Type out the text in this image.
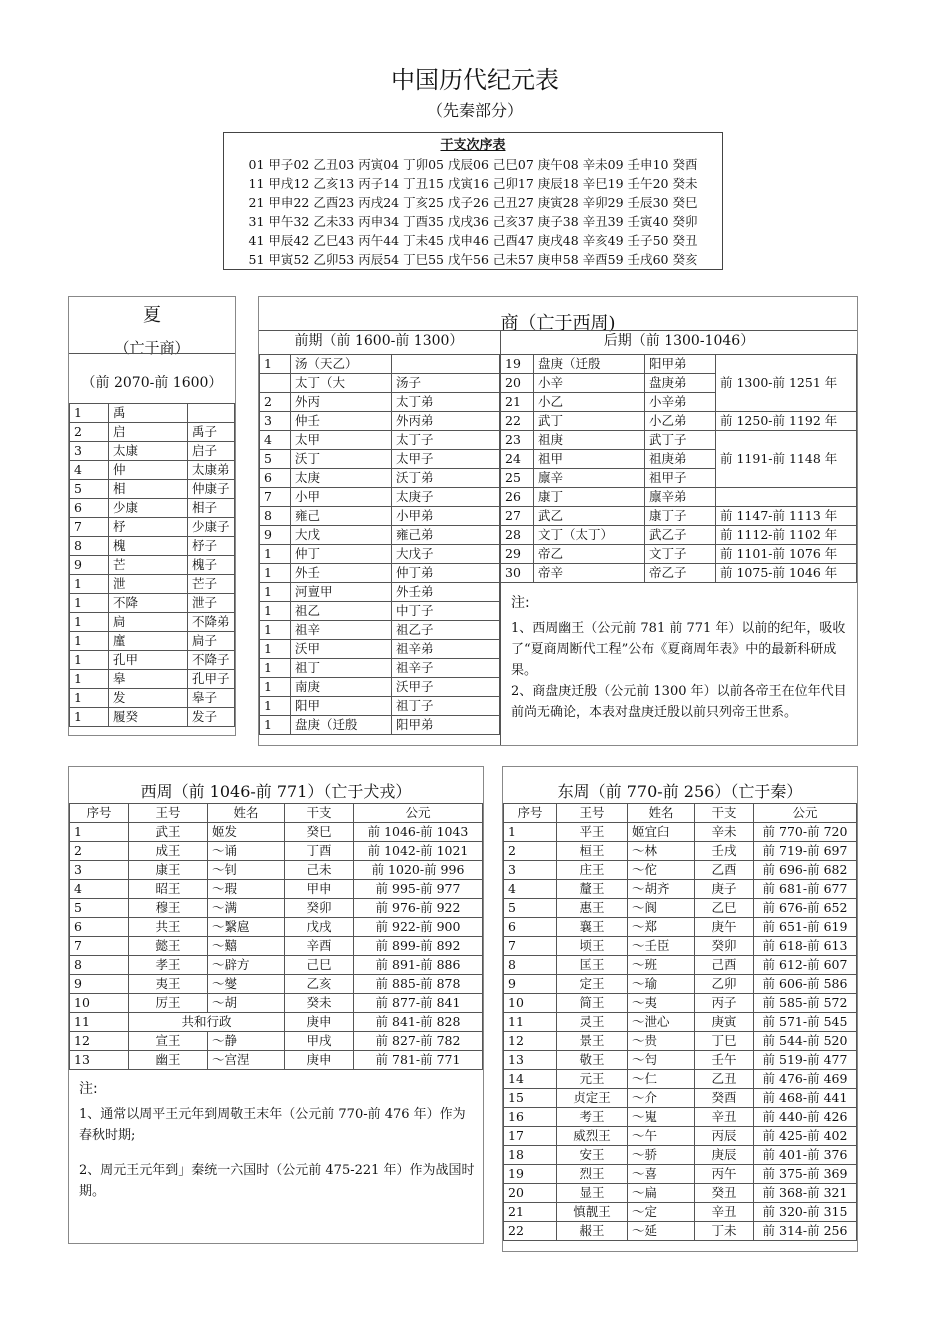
中国历代纪元表
（先秦部分）
干支次序表
01 甲子02 乙丑03 丙寅04 丁卯05 戊辰06 己巳07 庚午08 辛未09 壬申10 癸酉
11 甲戌12 乙亥13 丙子14 丁丑15 戊寅16 己卯17 庚辰18 辛巳19 壬午20 癸未
21 甲申22 乙酉23 丙戌24 丁亥25 戊子26 己丑27 庚寅28 辛卯29 壬辰30 癸巳
31 甲午32 乙未33 丙申34 丁酉35 戊戌36 己亥37 庚子38 辛丑39 壬寅40 癸卯
41 甲辰42 乙巳43 丙午44 丁未45 戊申46 己酉47 庚戌48 辛亥49 壬子50 癸丑
51 甲寅52 乙卯53 丙辰54 丁巳55 戊午56 己未57 庚申58 辛酉59 壬戌60 癸亥
夏
（亡于商）
（前 2070-前 1600）
1	禹	
2	启	禹子
3	太康	启子
4	仲	太康弟
5	相	仲康子
6	少康	相子
7	杼	少康子
8	槐	杼子
9	芒	槐子
1	泄	芒子
1	不降	泄子
1	扃	不降弟
1	廑	扃子
1	孔甲	不降子
1	皋	孔甲子
1	发	皋子
1	履癸	发子
商（亡于西周)
前期（前 1600-前 1300）	后期（前 1300-1046）
1	汤（天乙）	
	太丁（大	汤子
2	外丙	太丁弟
3	仲壬	外丙弟
4	太甲	太丁子
5	沃丁	太甲子
6	太庚	沃丁弟
7	小甲	太庚子
8	雍己	小甲弟
9	大戊	雍己弟
1	仲丁	大戊子
1	外壬	仲丁弟
1	河亶甲	外壬弟
1	祖乙	中丁子
1	祖辛	祖乙子
1	沃甲	祖辛弟
1	祖丁	祖辛子
1	南庚	沃甲子
1	阳甲	祖丁子
1	盘庚（迁殷	阳甲弟
19	盘庚（迁殷	阳甲弟	前 1300-前 1251 年
20	小辛	盘庚弟	
21	小乙	小辛弟	
22	武丁	小乙弟	前 1250-前 1192 年
23	祖庚	武丁子	前 1191-前 1148 年
24	祖甲	祖庚弟	
25	廪辛	祖甲子	
26	康丁	廪辛弟	
27	武乙	康丁子	前 1147-前 1113 年
28	文丁（太丁）	武乙子	前 1112-前 1102 年
29	帝乙	文丁子	前 1101-前 1076 年
30	帝辛	帝乙子	前 1075-前 1046 年
注:
1、西周幽王（公元前 781 前 771 年）以前的纪年，吸收了“夏商周断代工程”公布《夏商周年表》中的最新科研成果。
2、商盘庚迁殷（公元前 1300 年）以前各帝王在位年代目前尚无确论，本表对盘庚迁殷以前只列帝王世系。
西周（前 1046-前 771）（亡于犬戎）
序号	王号	姓名	干支	公元
1	武王	姬发	癸巳	前 1046-前 1043
2	成王	〜诵	丁酉	前 1042-前 1021
3	康王	〜钊	己未	前 1020-前 996
4	昭王	〜瑕	甲申	前 995-前 977
5	穆王	〜满	癸卯	前 976-前 922
6	共王	〜繄扈	戊戌	前 922-前 900
7	懿王	〜囏	辛酉	前 899-前 892
8	孝王	〜辟方	己巳	前 891-前 886
9	夷王	〜燮	乙亥	前 885-前 878
10	厉王	〜胡	癸未	前 877-前 841
11	共和行政		庚申	前 841-前 828
12	宣王	〜静	甲戌	前 827-前 782
13	幽王	〜宫涅	庚申	前 781-前 771
注:
1、通常以周平王元年到周敬王末年（公元前 770-前 476 年）作为春秋时期;
2、周元王元年到」秦统一六国时（公元前 475-221 年）作为战国时期。
东周（前 770-前 256）（亡于秦）
序号	王号	姓名	干支	公元
1	平王	姬宜臼	辛未	前 770-前 720
2	桓王	〜林	壬戌	前 719-前 697
3	庄王	〜佗	乙酉	前 696-前 682
4	釐王	〜胡齐	庚子	前 681-前 677
5	惠王	〜阆	乙巳	前 676-前 652
6	襄王	〜郑	庚午	前 651-前 619
7	顷王	〜壬臣	癸卯	前 618-前 613
8	匡王	〜班	己酉	前 612-前 607
9	定王	〜瑜	乙卯	前 606-前 586
10	简王	〜夷	丙子	前 585-前 572
11	灵王	〜泄心	庚寅	前 571-前 545
12	景王	〜贵	丁巳	前 544-前 520
13	敬王	〜匄	壬午	前 519-前 477
14	元王	〜仁	乙丑	前 476-前 469
15	贞定王	〜介	癸酉	前 468-前 441
16	考王	〜嵬	辛丑	前 440-前 426
17	威烈王	〜午	丙辰	前 425-前 402
18	安王	〜骄	庚辰	前 401-前 376
19	烈王	〜喜	丙午	前 375-前 369
20	显王	〜扁	癸丑	前 368-前 321
21	慎靓王	〜定	辛丑	前 320-前 315
22	赧王	〜延	丁未	前 314-前 256
